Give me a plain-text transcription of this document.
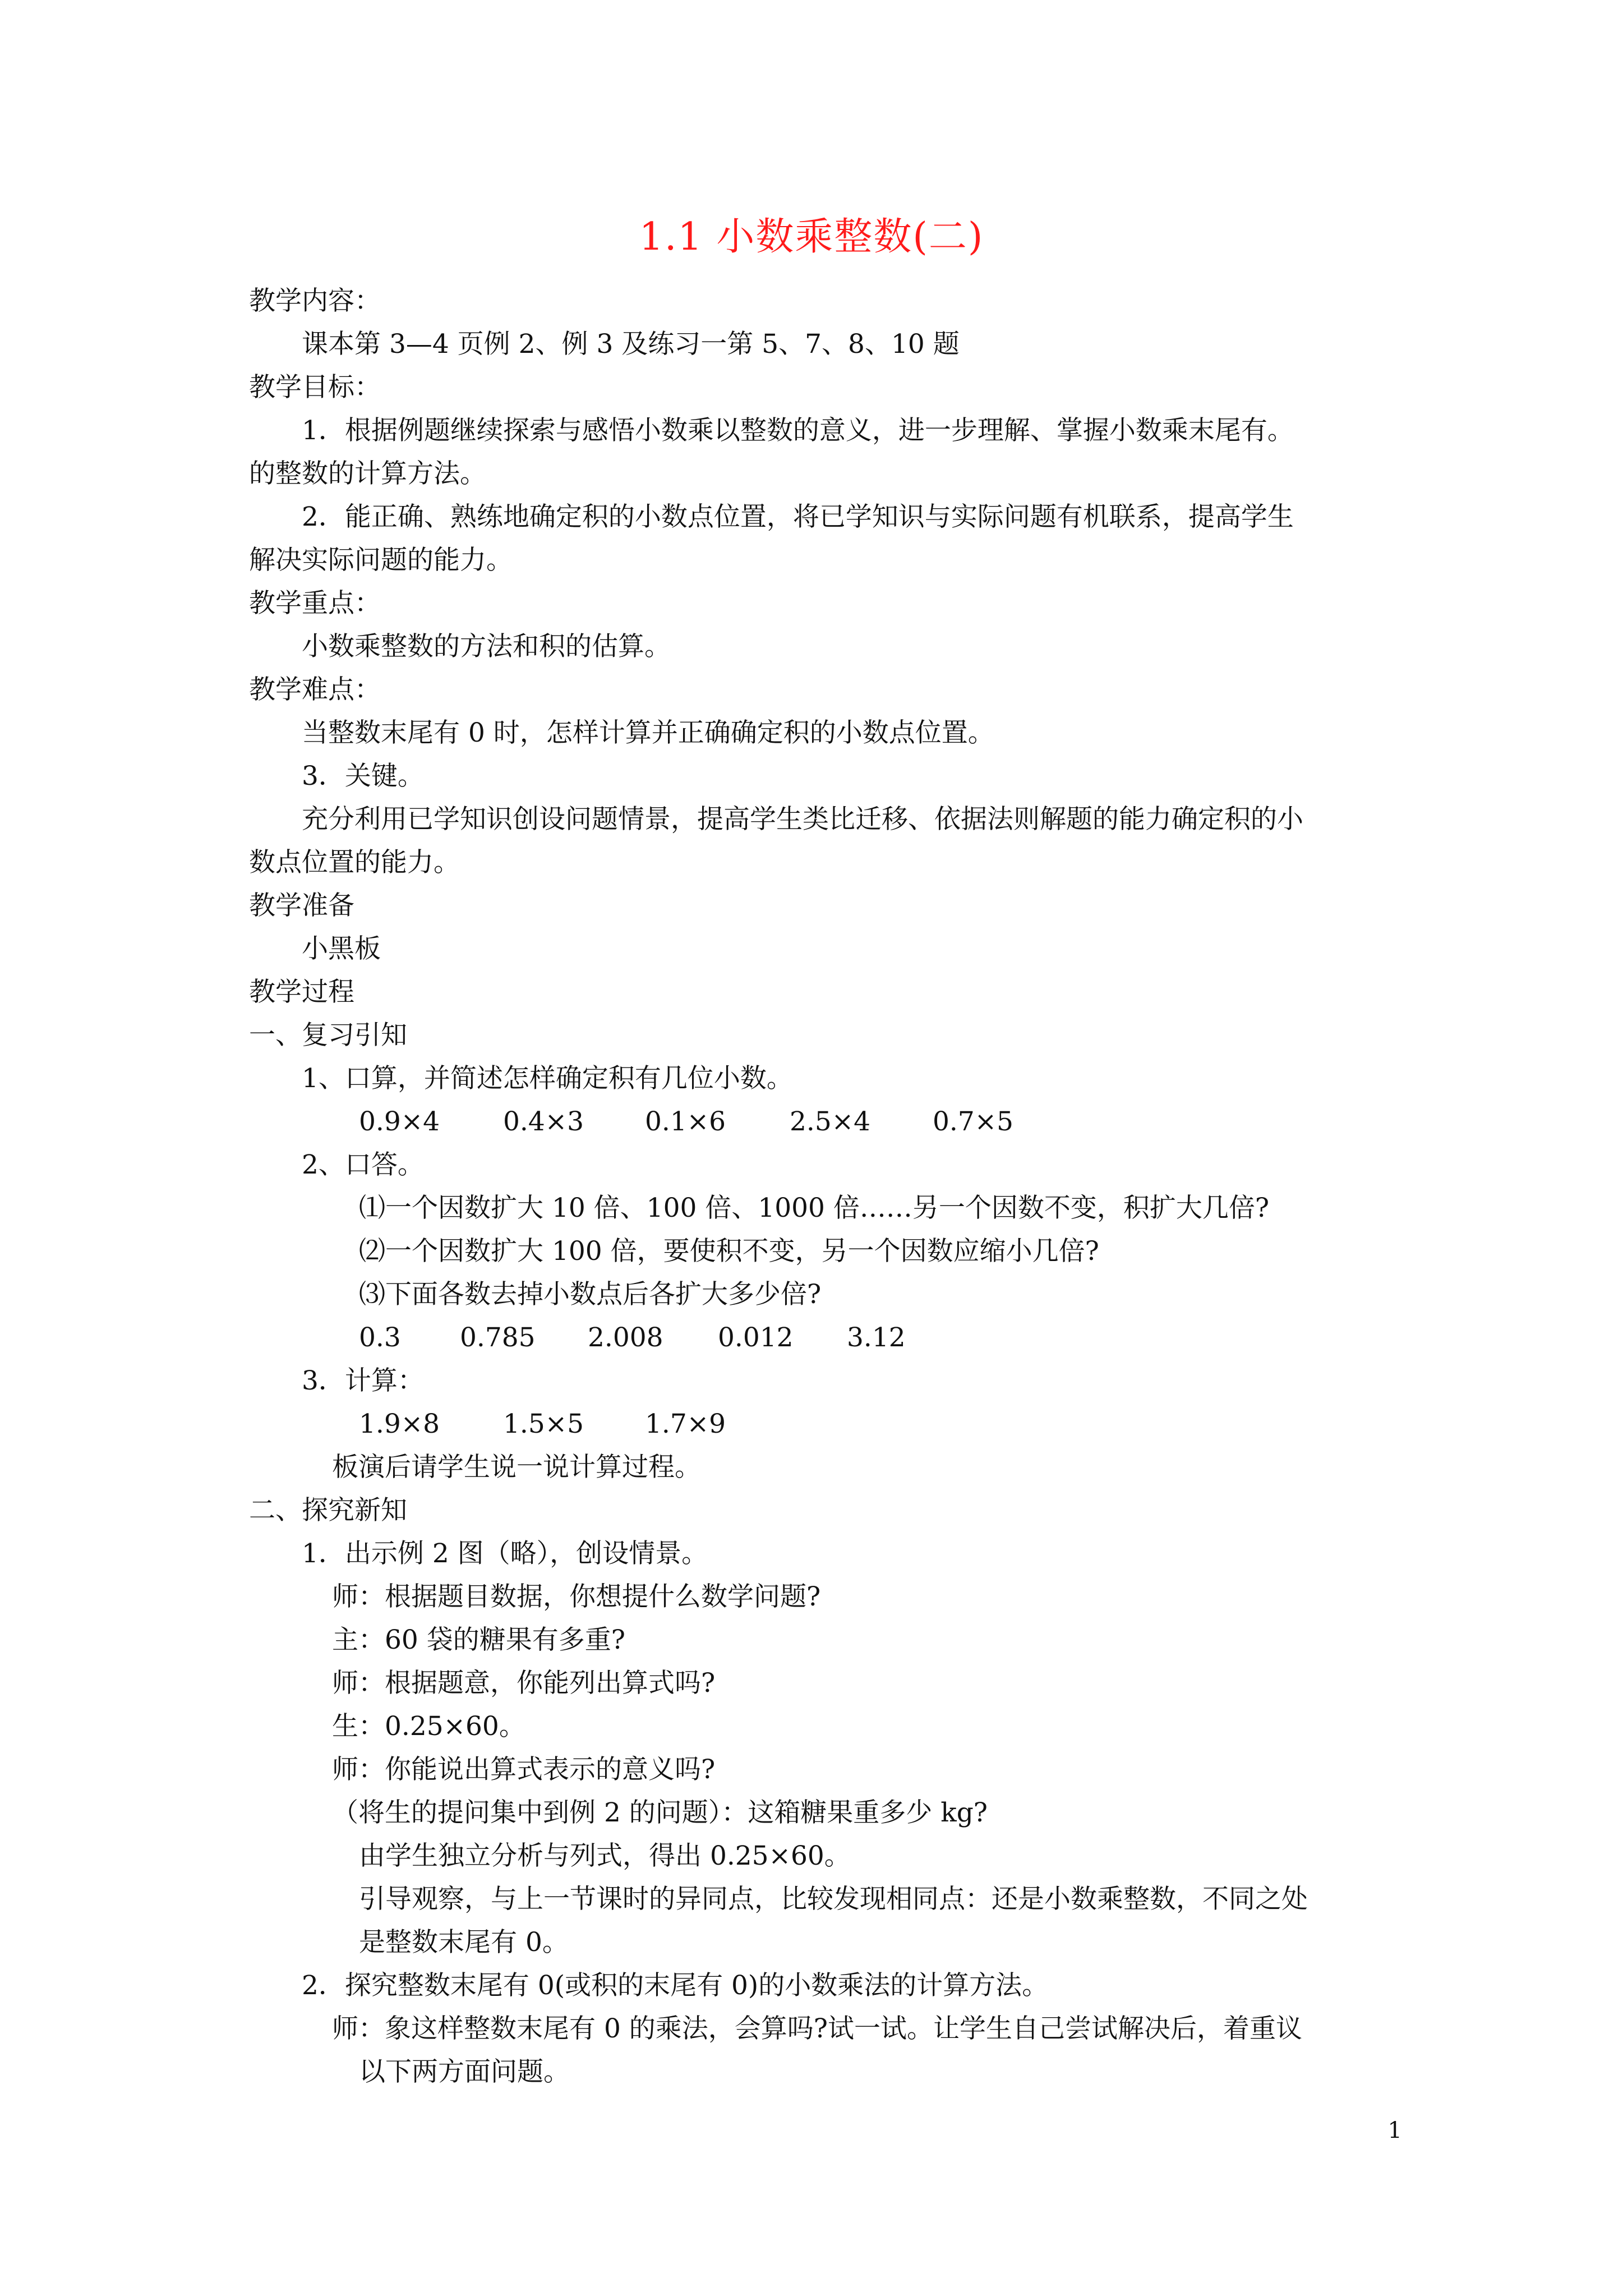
1.1 小数乘整数(二)
教学内容：
课本第 3—4 页例 2、例 3 及练习一第 5、7、8、10 题
教学目标：
1．根据例题继续探索与感悟小数乘以整数的意义，进一步理解、掌握小数乘末尾有。
的整数的计算方法。
2．能正确、熟练地确定积的小数点位置，将已学知识与实际问题有机联系，提高学生
解决实际问题的能力。
教学重点：
小数乘整数的方法和积的估算。
教学难点：
当整数末尾有 0 时，怎样计算并正确确定积的小数点位置。
3．关键。
充分利用已学知识创设问题情景，提高学生类比迁移、依据法则解题的能力确定积的小
数点位置的能力。
教学准备
小黑板
教学过程
一、复习引知
1、口算，并简述怎样确定积有几位小数。
0.9×4 0.4×3 0.1×6 2.5×4 0.7×5
2、口答。
⑴一个因数扩大 10 倍、100 倍、1000 倍……另一个因数不变，积扩大几倍?
⑵一个因数扩大 100 倍，要使积不变，另一个因数应缩小几倍?
⑶下面各数去掉小数点后各扩大多少倍?
0.3 0.785 2.008 0.012 3.12
3．计算：
1.9×8 1.5×5 1.7×9
板演后请学生说一说计算过程。
二、探究新知
1．出示例 2 图（略），创设情景。
师：根据题目数据，你想提什么数学问题?
主：60 袋的糖果有多重?
师：根据题意，你能列出算式吗?
生：0.25×60。
师：你能说出算式表示的意义吗?
（将生的提问集中到例 2 的问题）：这箱糖果重多少 kg?
由学生独立分析与列式，得出 0.25×60。
引导观察，与上一节课时的异同点，比较发现相同点：还是小数乘整数，不同之处
是整数末尾有 0。
2．探究整数末尾有 0(或积的末尾有 0)的小数乘法的计算方法。
师：象这样整数末尾有 0 的乘法，会算吗?试一试。让学生自己尝试解决后，着重议
以下两方面问题。
1
